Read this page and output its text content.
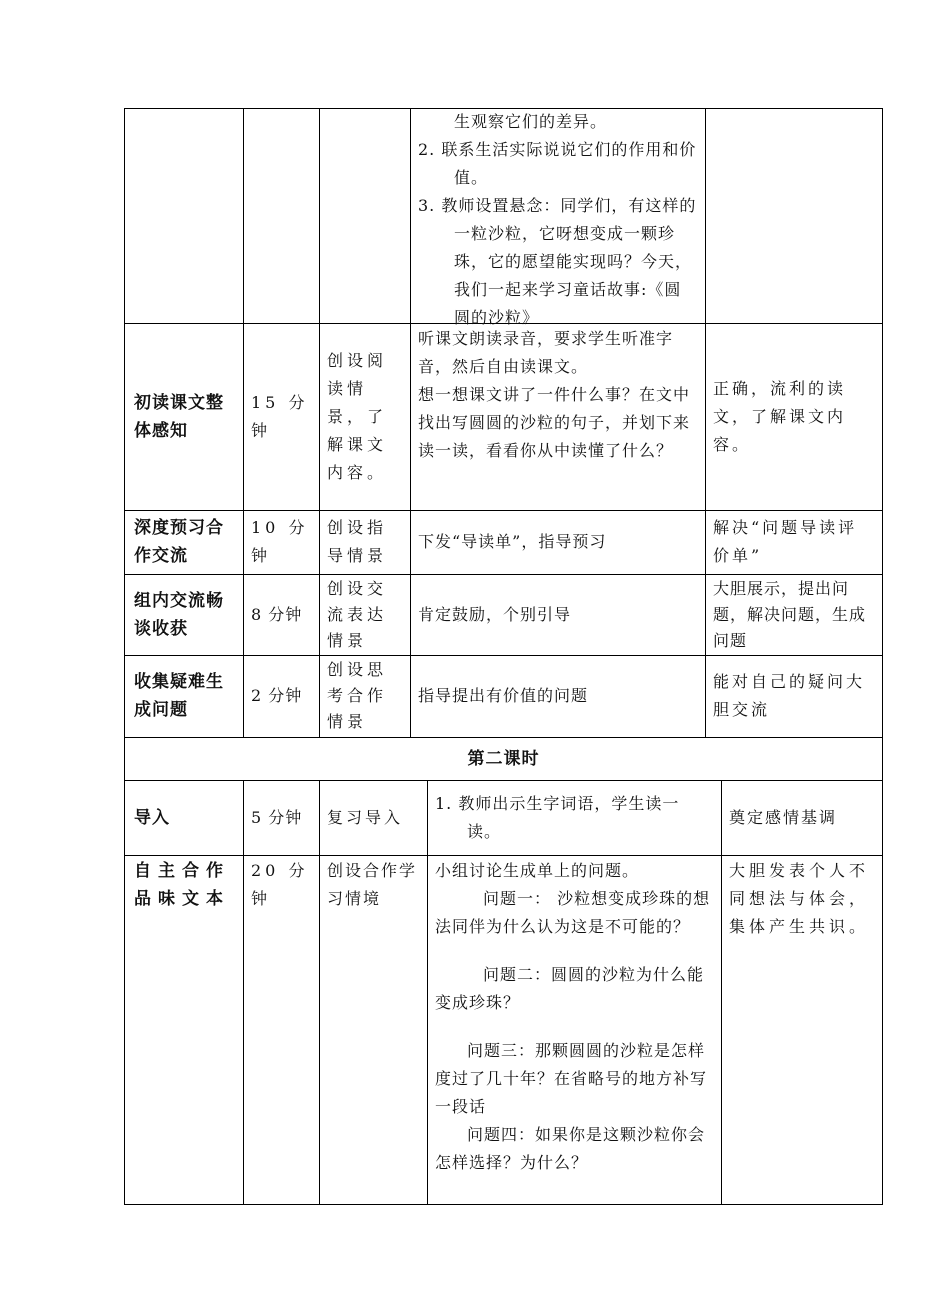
生观察它们的差异。
2. 联系生活实际说说它们的作用和价值。
3. 教师设置悬念：同学们，有这样的一粒沙粒，它呀想变成一颗珍珠，它的愿望能实现吗？今天，我们一起来学习童话故事:《圆圆的沙粒》
初读课文整体感知
15 分钟
创设阅读情景，了解课文内容。
听课文朗读录音，要求学生听准字音，然后自由读课文。
想一想课文讲了一件什么事？在文中找出写圆圆的沙粒的句子，并划下来读一读，看看你从中读懂了什么？
正确，流利的读文，了解课文内容。
深度预习合作交流
10 分钟
创设指导情景
下发“导读单”，指导预习
解决“问题导读评价单”
组内交流畅谈收获
8 分钟
创设交流表达情景
肯定鼓励，个别引导
大胆展示，提出问题，解决问题，生成问题
收集疑难生成问题
2 分钟
创设思考合作情景
指导提出有价值的问题
能对自己的疑问大胆交流
第二课时
导入	5 分钟	复习导入
1. 教师出示生字词语，学生读一读。
奠定感情基调
自主合作品味文本
20 分钟
创设合作学习情境
小组讨论生成单上的问题。
问题一： 沙粒想变成珍珠的想法同伴为什么认为这是不可能的？
问题二：圆圆的沙粒为什么能变成珍珠？
问题三：那颗圆圆的沙粒是怎样度过了几十年？在省略号的地方补写一段话
问题四：如果你是这颗沙粒你会怎样选择？为什么？
大胆发表个人不同想法与体会，集体产生共识。
